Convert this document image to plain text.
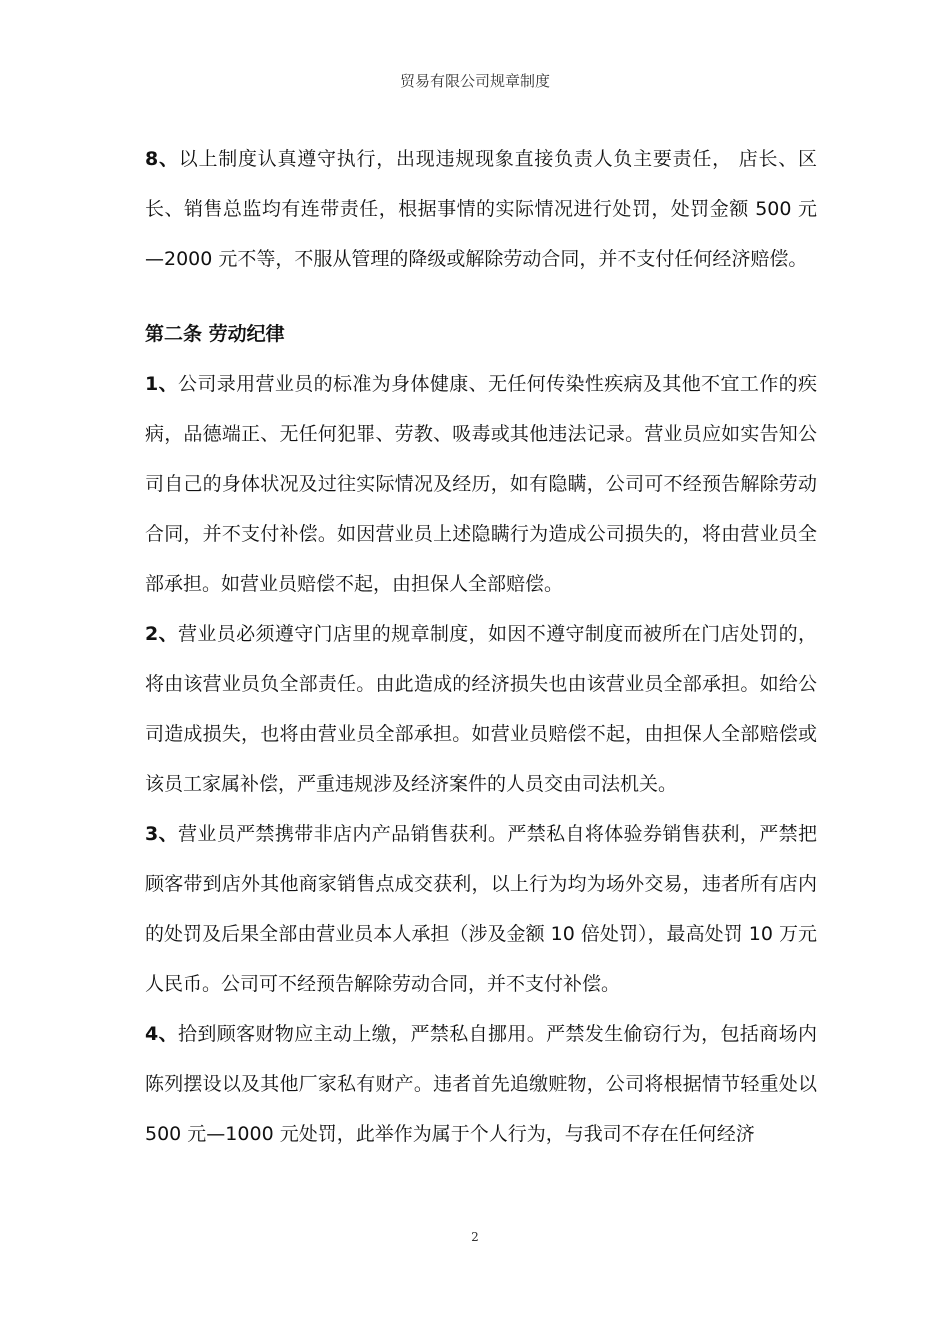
贸易有限公司规章制度

8、以上制度认真遵守执行，出现违规现象直接负责人负主要责任， 店长、区长、销售总监均有连带责任，根据事情的实际情况进行处罚，处罚金额 500 元—2000 元不等，不服从管理的降级或解除劳动合同，并不支付任何经济赔偿。

第二条 劳动纪律

1、公司录用营业员的标准为身体健康、无任何传染性疾病及其他不宜工作的疾病，品德端正、无任何犯罪、劳教、吸毒或其他违法记录。营业员应如实告知公司自己的身体状况及过往实际情况及经历，如有隐瞒，公司可不经预告解除劳动合同，并不支付补偿。如因营业员上述隐瞒行为造成公司损失的，将由营业员全部承担。如营业员赔偿不起，由担保人全部赔偿。

2、营业员必须遵守门店里的规章制度，如因不遵守制度而被所在门店处罚的，将由该营业员负全部责任。由此造成的经济损失也由该营业员全部承担。如给公司造成损失，也将由营业员全部承担。如营业员赔偿不起，由担保人全部赔偿或该员工家属补偿，严重违规涉及经济案件的人员交由司法机关。

3、营业员严禁携带非店内产品销售获利。严禁私自将体验券销售获利，严禁把顾客带到店外其他商家销售点成交获利，以上行为均为场外交易，违者所有店内的处罚及后果全部由营业员本人承担（涉及金额 10 倍处罚），最高处罚 10 万元人民币。公司可不经预告解除劳动合同，并不支付补偿。

4、拾到顾客财物应主动上缴，严禁私自挪用。严禁发生偷窃行为，包括商场内陈列摆设以及其他厂家私有财产。违者首先追缴赃物，公司将根据情节轻重处以 500 元—1000 元处罚，此举作为属于个人行为，与我司不存在任何经济

2
